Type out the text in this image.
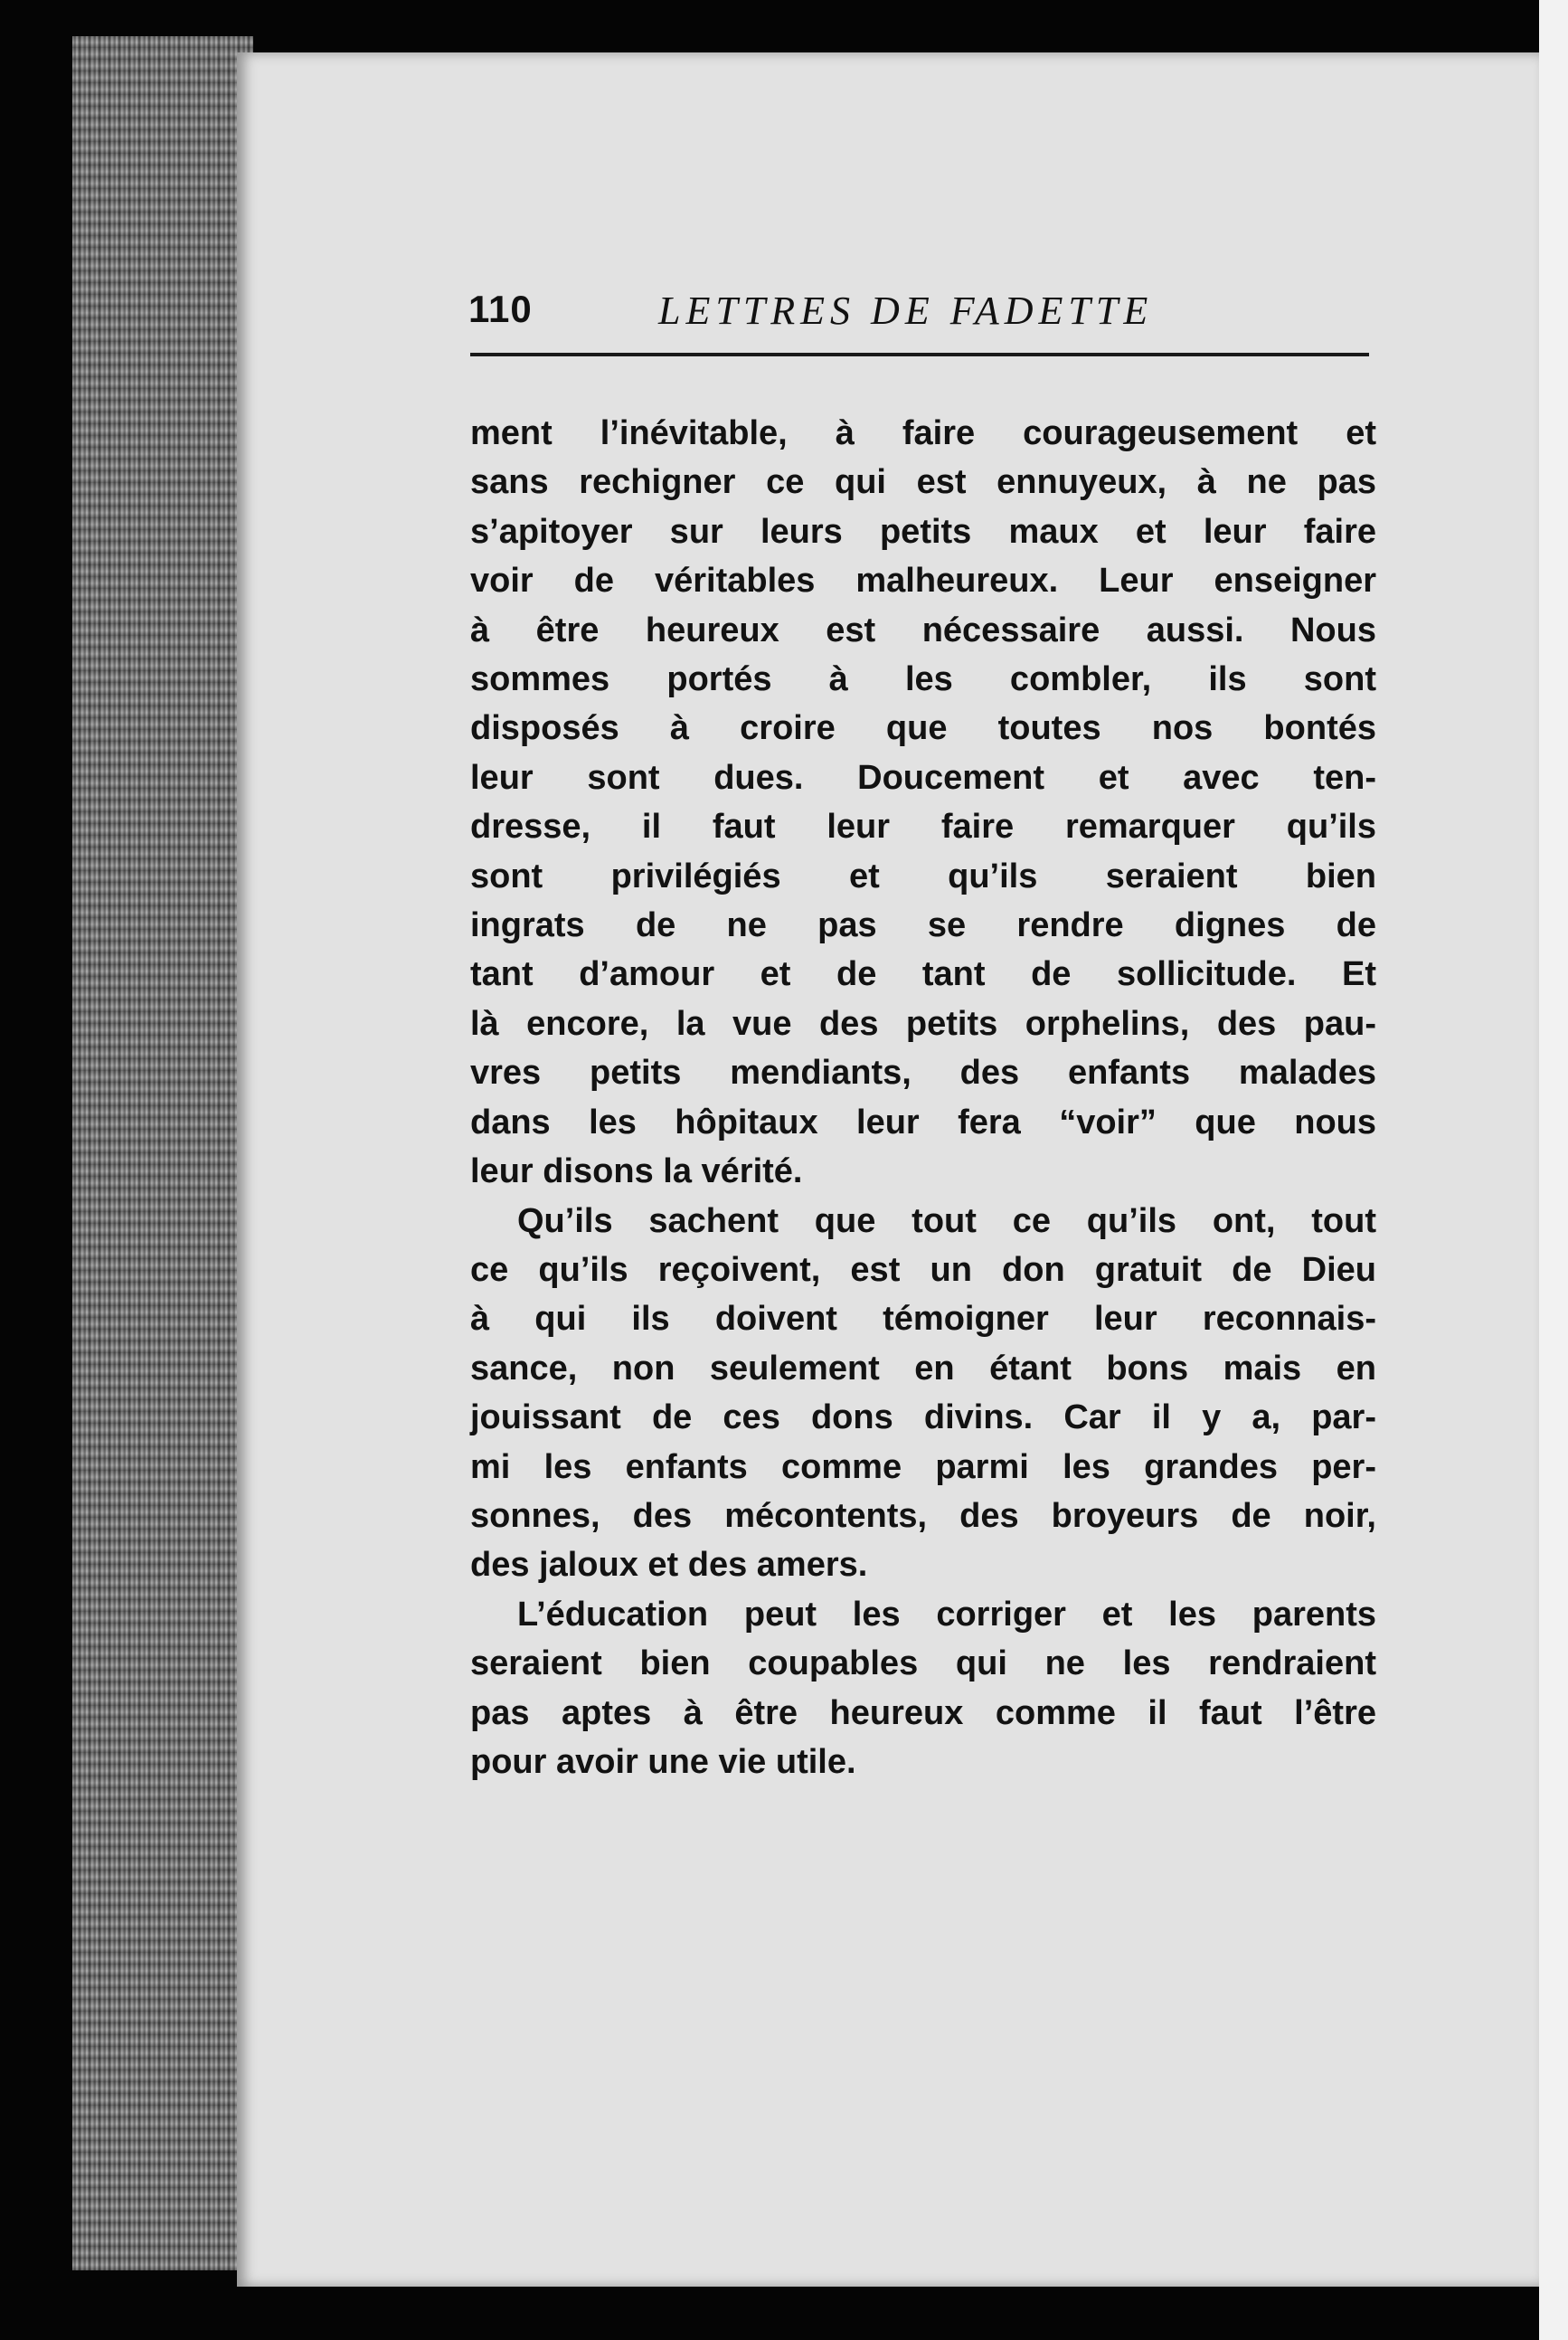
110	LETTRES DE FADETTE
ment l’inévitable, à faire courageusement et
sans rechigner ce qui est ennuyeux, à ne pas
s’apitoyer sur leurs petits maux et leur faire
voir de véritables malheureux. Leur enseigner
à être heureux est nécessaire aussi. Nous
sommes portés à les combler, ils sont
disposés à croire que toutes nos bontés
leur sont dues. Doucement et avec ten-
dresse, il faut leur faire remarquer qu’ils
sont privilégiés et qu’ils seraient bien
ingrats de ne pas se rendre dignes de
tant d’amour et de tant de sollicitude. Et
là encore, la vue des petits orphelins, des pau-
vres petits mendiants, des enfants malades
dans les hôpitaux leur fera “voir” que nous
leur disons la vérité.
Qu’ils sachent que tout ce qu’ils ont, tout
ce qu’ils reçoivent, est un don gratuit de Dieu
à qui ils doivent témoigner leur reconnais-
sance, non seulement en étant bons mais en
jouissant de ces dons divins. Car il y a, par-
mi les enfants comme parmi les grandes per-
sonnes, des mécontents, des broyeurs de noir,
des jaloux et des amers.
L’éducation peut les corriger et les parents
seraient bien coupables qui ne les rendraient
pas aptes à être heureux comme il faut l’être
pour avoir une vie utile.
